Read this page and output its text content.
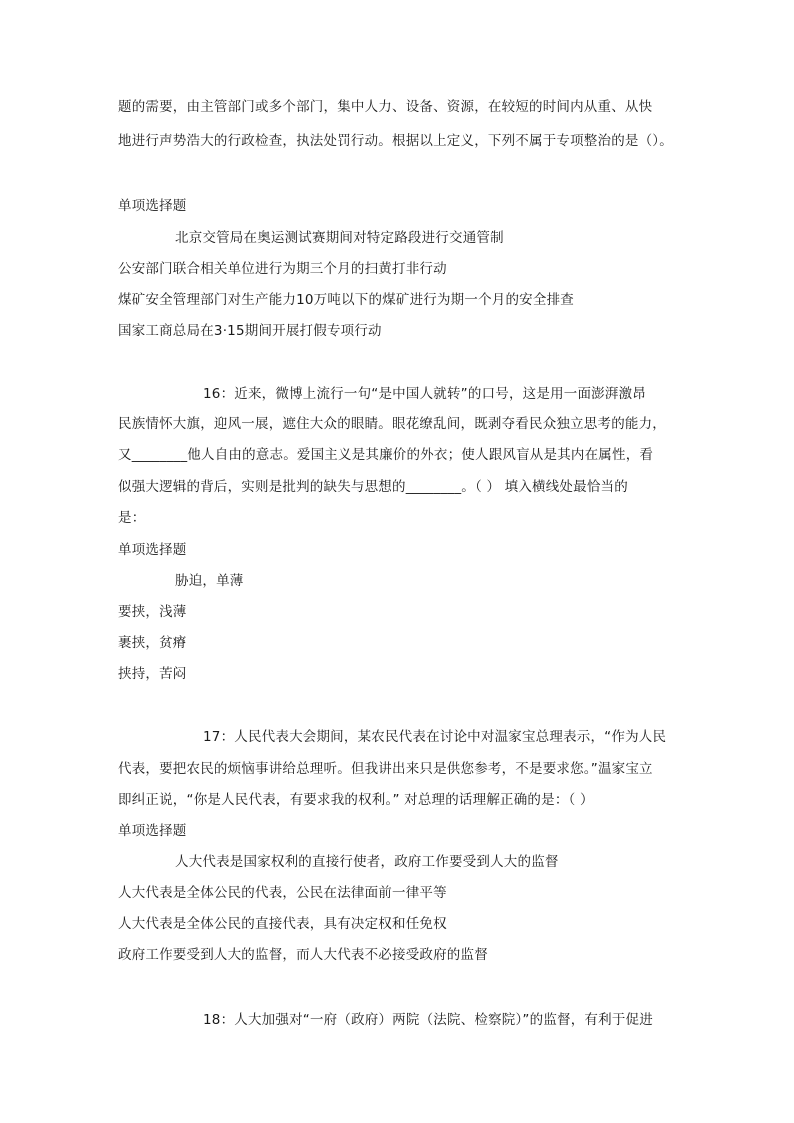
题的需要，由主管部门或多个部门，集中人力、设备、资源，在较短的时间内从重、从快
地进行声势浩大的行政检查，执法处罚行动。根据以上定义，下列不属于专项整治的是（）。
单项选择题
北京交管局在奥运测试赛期间对特定路段进行交通管制
公安部门联合相关单位进行为期三个月的扫黄打非行动
煤矿安全管理部门对生产能力10万吨以下的煤矿进行为期一个月的安全排查
国家工商总局在3·15期间开展打假专项行动
16：近来，微博上流行一句“是中国人就转”的口号，这是用一面澎湃激昂
民族情怀大旗，迎风一展，遮住大众的眼睛。眼花缭乱间，既剥夺看民众独立思考的能力，
又________他人自由的意志。爱国主义是其廉价的外衣；使人跟风盲从是其内在属性，看
似强大逻辑的背后，实则是批判的缺失与思想的________。（ ） 填入横线处最恰当的
是：
单项选择题
胁迫，单薄
要挟，浅薄
裹挟，贫瘠
挟持，苦闷
17：人民代表大会期间，某农民代表在讨论中对温家宝总理表示，“作为人民
代表，要把农民的烦恼事讲给总理听。但我讲出来只是供您参考，不是要求您。”温家宝立
即纠正说，“你是人民代表，有要求我的权利。” 对总理的话理解正确的是：（ ）
单项选择题
人大代表是国家权利的直接行使者，政府工作要受到人大的监督
人大代表是全体公民的代表，公民在法律面前一律平等
人大代表是全体公民的直接代表，具有决定权和任免权
政府工作要受到人大的监督，而人大代表不必接受政府的监督
18：人大加强对“一府（政府）两院（法院、检察院）”的监督，有利于促进
